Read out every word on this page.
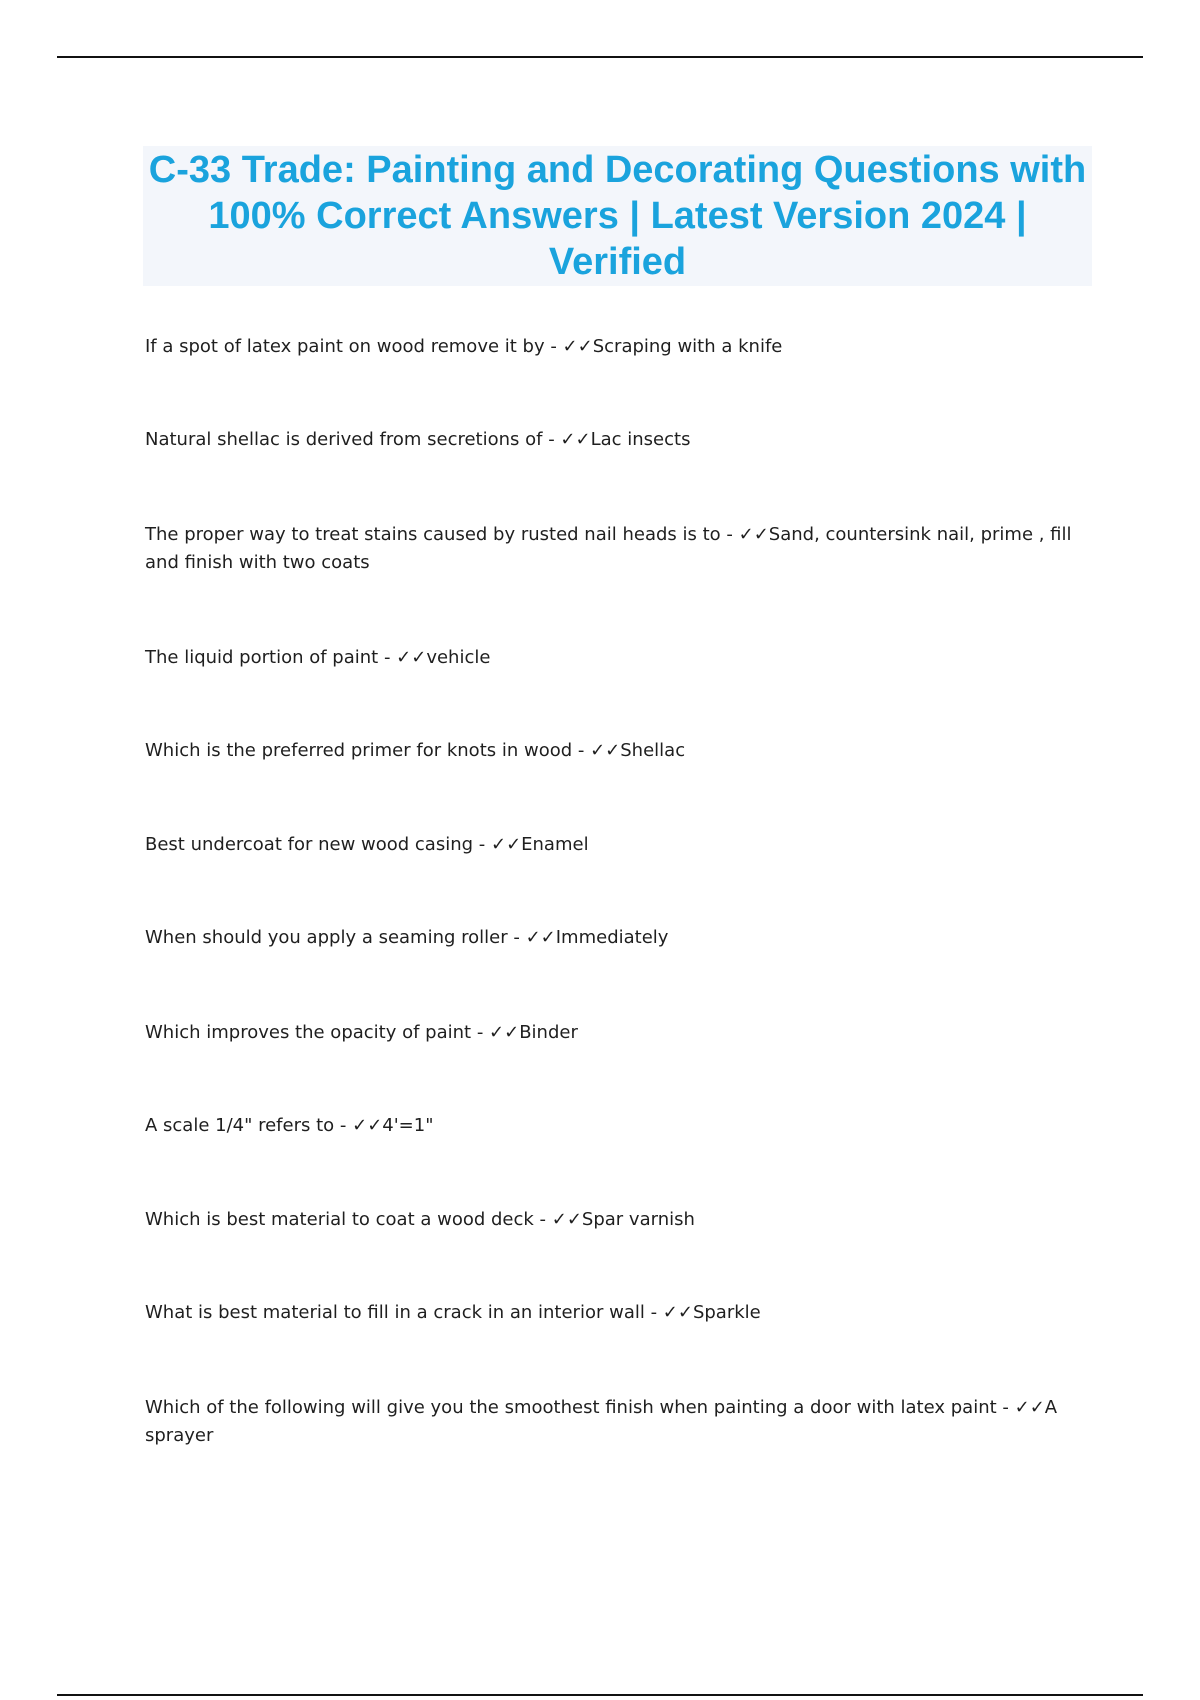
C-33 Trade: Painting and Decorating Questions with 100% Correct Answers | Latest Version 2024 | Verified
If a spot of latex paint on wood remove it by - ✓✓Scraping with a knife
Natural shellac is derived from secretions of - ✓✓Lac insects
The proper way to treat stains caused by rusted nail heads is to - ✓✓Sand, countersink nail, prime , fill and finish with two coats
The liquid portion of paint - ✓✓vehicle
Which is the preferred primer for knots in wood - ✓✓Shellac
Best undercoat for new wood casing - ✓✓Enamel
When should you apply a seaming roller - ✓✓Immediately
Which improves the opacity of paint - ✓✓Binder
A scale 1/4" refers to - ✓✓4'=1"
Which is best material to coat a wood deck - ✓✓Spar varnish
What is best material to fill in a crack in an interior wall - ✓✓Sparkle
Which of the following will give you the smoothest finish when painting a door with latex paint - ✓✓A sprayer
